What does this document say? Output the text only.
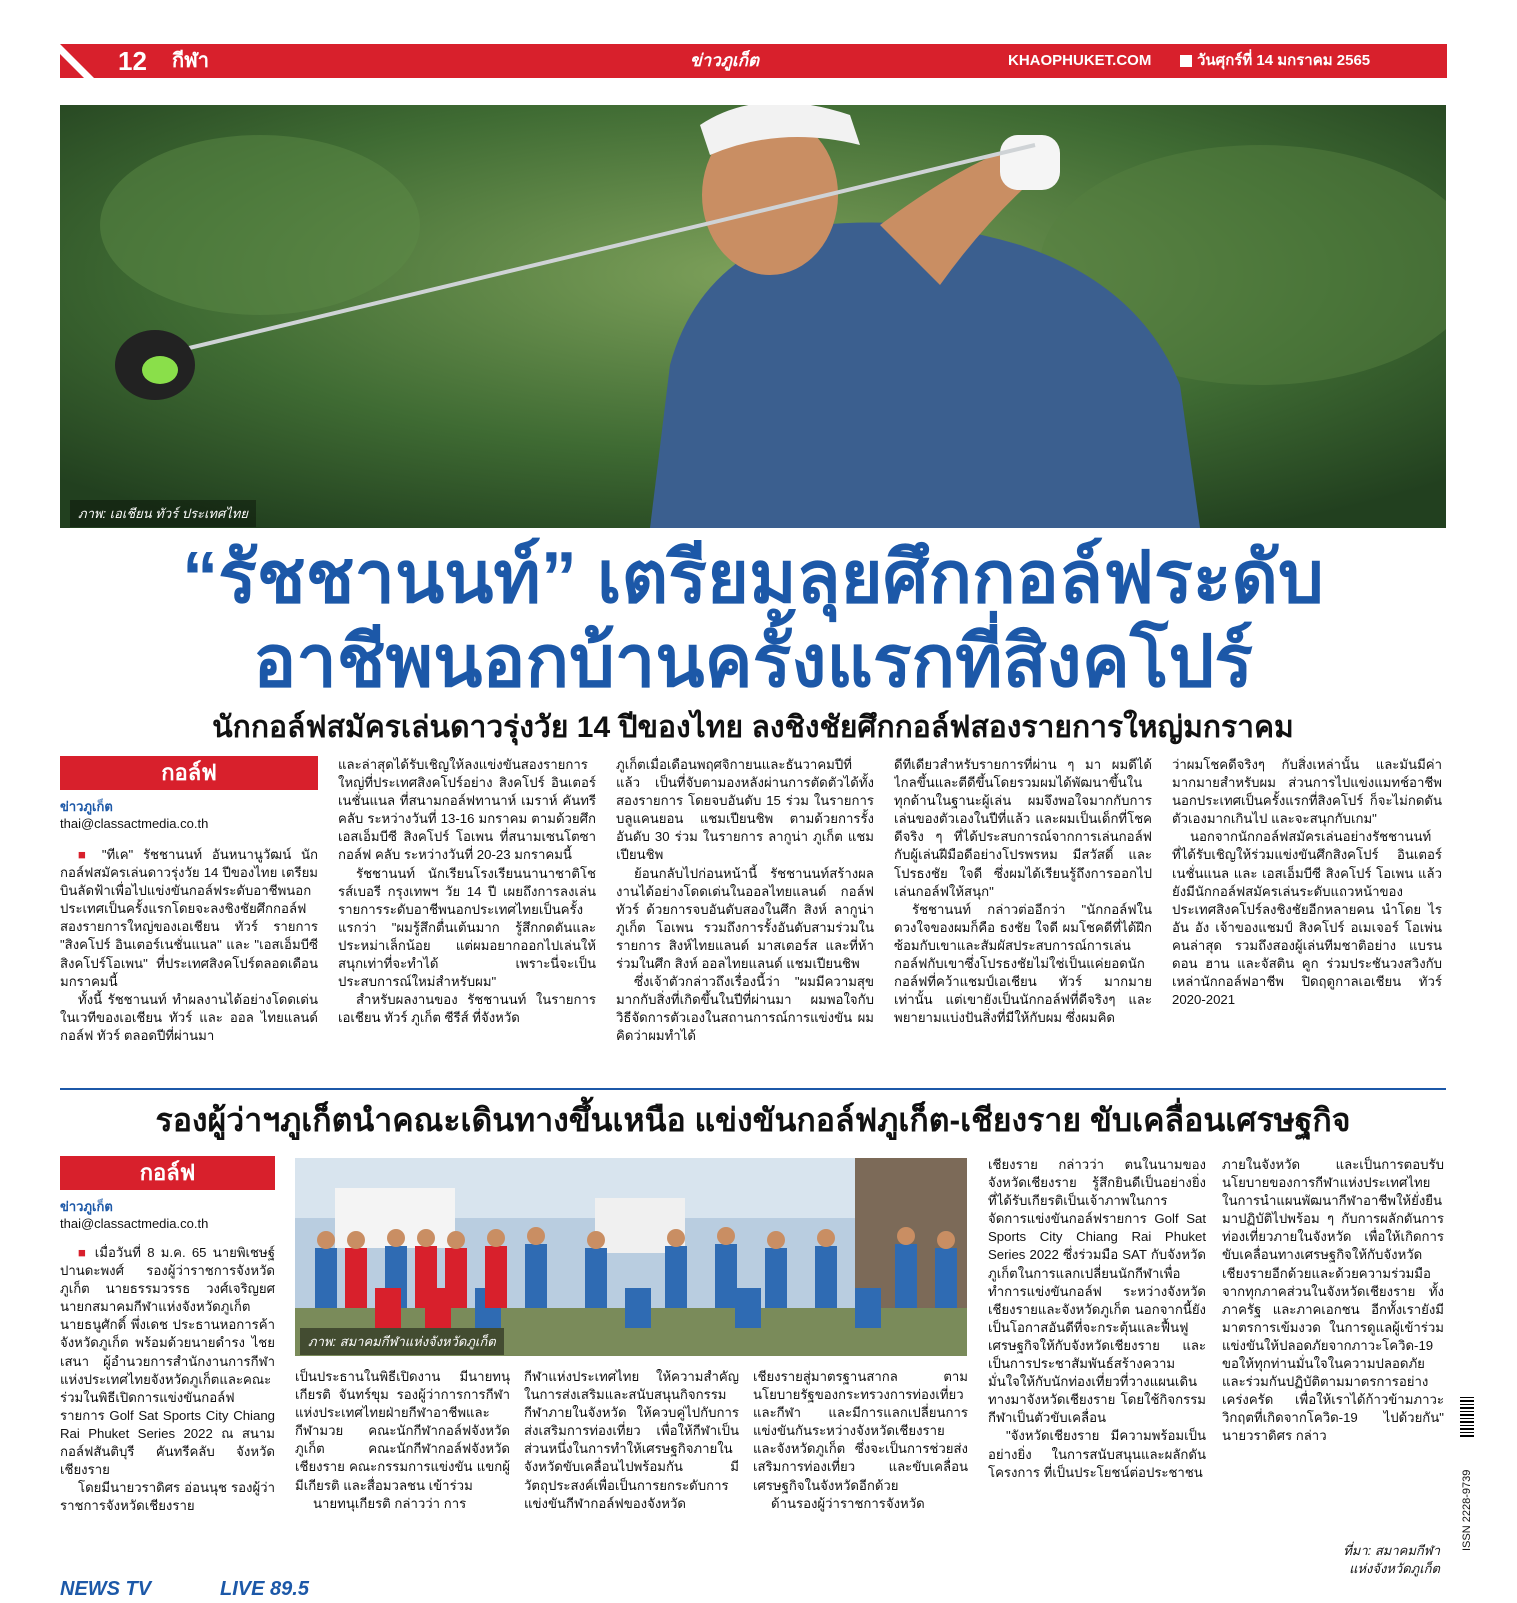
12 กีฬา	ข่าวภูเก็ต	KHAOPHUKET.COM	วันศุกร์ที่ 14 มกราคม 2565
ภาพ: เอเชียน ทัวร์ ประเทศไทย
“รัชชานนท์” เตรียมลุยศึกกอล์ฟระดับ
อาชีพนอกบ้านครั้งแรกที่สิงคโปร์
นักกอล์ฟสมัครเล่นดาวรุ่งวัย 14 ปีของไทย ลงชิงชัยศึกกอล์ฟสองรายการใหญ่มกราคม
กอล์ฟ
ข่าวภูเก็ต
thai@classactmedia.co.th

■ "ทีเค" รัชชานนท์ อันหนานูวัฒน์ นักกอล์ฟสมัครเล่นดาวรุ่งวัย 14 ปีของไทย เตรียมบินลัดฟ้าเพื่อไปแข่งขันกอล์ฟระดับอาชีพนอกประเทศเป็นครั้งแรกโดยจะลงชิงชัยศึกกอล์ฟสองรายการใหญ่ของเอเชียน ทัวร์ รายการ "สิงคโปร์ อินเตอร์เนชั่นแนล" และ "เอสเอ็มบีซี สิงคโปร์โอเพน" ที่ประเทศสิงคโปร์ตลอดเดือนมกราคมนี้

ทั้งนี้ รัชชานนท์ ทำผลงานได้อย่างโดดเด่นในเวทีของเอเชียน ทัวร์ และ ออล ไทยแลนด์ กอล์ฟ ทัวร์ ตลอดปีที่ผ่านมา

และล่าสุดได้รับเชิญให้ลงแข่งขันสองรายการใหญ่ที่ประเทศสิงคโปร์อย่าง สิงคโปร์ อินเตอร์เนชั่นแนล ที่สนามกอล์ฟทานาห์ เมราห์ คันทรี คลับ ระหว่างวันที่ 13-16 มกราคม ตามด้วยศึก เอสเอ็มบีซี สิงคโปร์ โอเพน ที่สนามเซนโตซา กอล์ฟ คลับ ระหว่างวันที่ 20-23 มกราคมนี้

รัชชานนท์ นักเรียนโรงเรียนนานาชาติโชรส์เบอรี กรุงเทพฯ วัย 14 ปี เผยถึงการลงเล่นรายการระดับอาชีพนอกประเทศไทยเป็นครั้งแรกว่า "ผมรู้สึกตื่นเต้นมาก รู้สึกกดดันและประหม่าเล็กน้อย แต่ผมอยากออกไปเล่นให้สนุกเท่าที่จะทำได้ เพราะนี่จะเป็นประสบการณ์ใหม่สำหรับผม"

สำหรับผลงานของ รัชชานนท์ ในรายการ เอเชียน ทัวร์ ภูเก็ต ซีรีส์ ที่จังหวัด

ภูเก็ตเมื่อเดือนพฤศจิกายนและธันวาคมปีที่แล้ว เป็นที่จับตามองหลังผ่านการตัดตัวได้ทั้งสองรายการ โดยจบอันดับ 15 ร่วม ในรายการ บลูแคนยอน แชมเปียนชิพ ตามด้วยการรั้งอันดับ 30 ร่วม ในรายการ ลากูน่า ภูเก็ต แชมเปียนชิพ

ย้อนกลับไปก่อนหน้านี้ รัชชานนท์สร้างผลงานได้อย่างโดดเด่นในออลไทยแลนด์ กอล์ฟ ทัวร์ ด้วยการจบอันดับสองในศึก สิงห์ ลากูน่า ภูเก็ต โอเพน รวมถึงการรั้งอันดับสามร่วมในรายการ สิงห์ไทยแลนด์ มาสเตอร์ส และที่ห้าร่วมในศึก สิงห์ ออลไทยแลนด์ แชมเปียนชิพ

ซึ่งเจ้าตัวกล่าวถึงเรื่องนี้ว่า "ผมมีความสุขมากกับสิ่งที่เกิดขึ้นในปีที่ผ่านมา ผมพอใจกับวิธีจัดการตัวเองในสถานการณ์การแข่งขัน ผมคิดว่าผมทำได้

ดีทีเดียวสำหรับรายการที่ผ่าน ๆ มา ผมดีได้ไกลขึ้นและตีดีขึ้นโดยรวมผมได้พัฒนาขึ้นในทุกด้านในฐานะผู้เล่น ผมจึงพอใจมากกับการเล่นของตัวเองในปีที่แล้ว และผมเป็นเด็กที่โชคดีจริง ๆ ที่ได้ประสบการณ์จากการเล่นกอล์ฟกับผู้เล่นฝีมือดีอย่างโปรพรหม มีสวัสดิ์ และโปรธงชัย ใจดี ซึ่งผมได้เรียนรู้ถึงการออกไปเล่นกอล์ฟให้สนุก"

รัชชานนท์ กล่าวต่ออีกว่า "นักกอล์ฟในดวงใจของผมก็คือ ธงชัย ใจดี ผมโชคดีที่ได้ฝึกซ้อมกับเขาและสัมผัสประสบการณ์การเล่นกอล์ฟกับเขาซึ่งโปรธงชัยไม่ใช่เป็นแค่ยอดนักกอล์ฟที่คว้าแชมป์เอเชียน ทัวร์ มากมายเท่านั้น แต่เขายังเป็นนักกอล์ฟที่ดีจริงๆ และพยายามแบ่งปันสิ่งที่มีให้กับผม ซึ่งผมคิด

ว่าผมโชคดีจริงๆ กับสิ่งเหล่านั้น และมันมีค่ามากมายสำหรับผม ส่วนการไปแข่งแมทช์อาชีพนอกประเทศเป็นครั้งแรกที่สิงคโปร์ ก็จะไม่กดดันตัวเองมากเกินไป และจะสนุกกับเกม"

นอกจากนักกอล์ฟสมัครเล่นอย่างรัชชานนท์ ที่ได้รับเชิญให้ร่วมแข่งขันศึกสิงคโปร์ อินเตอร์เนชั่นแนล และ เอสเอ็มบีซี สิงคโปร์ โอเพน แล้ว ยังมีนักกอล์ฟสมัครเล่นระดับแถวหน้าของประเทศสิงคโปร์ลงชิงชัยอีกหลายคน นำโดย ไรอัน อัง เจ้าของแชมป์ สิงคโปร์ อเมเจอร์ โอเพ่น คนล่าสุด รวมถึงสองผู้เล่นทีมชาติอย่าง แบรนดอน ฮาน และจัสติน คูก ร่วมประชันวงสวิงกับเหล่านักกอล์ฟอาชีพ ปิดฤดูกาลเอเชียน ทัวร์ 2020-2021

รองผู้ว่าฯภูเก็ตนำคณะเดินทางขึ้นเหนือ แข่งขันกอล์ฟภูเก็ต-เชียงราย ขับเคลื่อนเศรษฐกิจ
กอล์ฟ
ข่าวภูเก็ต
thai@classactmedia.co.th

■ เมื่อวันที่ 8 ม.ค. 65 นายพิเชษฐ์ ปานดะพงศ์ รองผู้ว่าราชการจังหวัดภูเก็ต นายธรรมวรรธ วงศ์เจริญยศ นายกสมาคมกีฬาแห่งจังหวัดภูเก็ต นายธนูศักดิ์ พึ่งเดช ประธานหอการค้าจังหวัดภูเก็ต พร้อมด้วยนายดำรง ไชยเสนา ผู้อำนวยการสำนักงานการกีฬาแห่งประเทศไทยจังหวัดภูเก็ตและคณะร่วมในพิธีเปิดการแข่งขันกอล์ฟรายการ Golf Sat Sports City Chiang Rai Phuket Series 2022 ณ สนามกอล์ฟสันติบุรี คันทรีคลับ จังหวัดเชียงราย

โดยมีนายวราดิศร อ่อนนุช รองผู้ว่าราชการจังหวัดเชียงราย

ภาพ: สมาคมกีฬาแห่งจังหวัดภูเก็ต

เป็นประธานในพิธีเปิดงาน มีนายทนุเกียรติ จันทร์ขุม รองผู้ว่าการการกีฬาแห่งประเทศไทยฝ่ายกีฬาอาชีพและกีฬามวย คณะนักกีฬากอล์ฟจังหวัดภูเก็ต คณะนักกีฬากอล์ฟจังหวัดเชียงราย คณะกรรมการแข่งขัน แขกผู้มีเกียรติ และสื่อมวลชน เข้าร่วม

นายทนุเกียรติ กล่าวว่า การ

กีฬาแห่งประเทศไทย ให้ความสำคัญในการส่งเสริมและสนับสนุนกิจกรรมกีฬาภายในจังหวัด ให้ควบคู่ไปกับการส่งเสริมการท่องเที่ยว เพื่อให้กีฬาเป็นส่วนหนึ่งในการทำให้เศรษฐกิจภายในจังหวัดขับเคลื่อนไปพร้อมกัน มีวัตถุประสงค์เพื่อเป็นการยกระดับการแข่งขันกีฬากอล์ฟของจังหวัด

เชียงรายสู่มาตรฐานสากล ตามนโยบายรัฐของกระทรวงการท่องเที่ยวและกีฬา และมีการแลกเปลี่ยนการแข่งขันกันระหว่างจังหวัดเชียงรายและจังหวัดภูเก็ต ซึ่งจะเป็นการช่วยส่งเสริมการท่องเที่ยว และขับเคลื่อนเศรษฐกิจในจังหวัดอีกด้วย

ด้านรองผู้ว่าราชการจังหวัด

เชียงราย กล่าวว่า ตนในนามของจังหวัดเชียงราย รู้สึกยินดีเป็นอย่างยิ่ง ที่ได้รับเกียรติเป็นเจ้าภาพในการจัดการแข่งขันกอล์ฟรายการ Golf Sat Sports City Chiang Rai Phuket Series 2022 ซึ่งร่วมมือ SAT กับจังหวัดภูเก็ตในการแลกเปลี่ยนนักกีฬาเพื่อทำการแข่งขันกอล์ฟ ระหว่างจังหวัดเชียงรายและจังหวัดภูเก็ต นอกจากนี้ยังเป็นโอกาสอันดีที่จะกระตุ้นและฟื้นฟูเศรษฐกิจให้กับจังหวัดเชียงราย และเป็นการประชาสัมพันธ์สร้างความมั่นใจให้กับนักท่องเที่ยวที่วางแผนเดินทางมาจังหวัดเชียงราย โดยใช้กิจกรรมกีฬาเป็นตัวขับเคลื่อน

"จังหวัดเชียงราย มีความพร้อมเป็นอย่างยิ่ง ในการสนับสนุนและผลักดันโครงการ ที่เป็นประโยชน์ต่อประชาชน

ภายในจังหวัด และเป็นการตอบรับนโยบายของการกีฬาแห่งประเทศไทยในการนำแผนพัฒนากีฬาอาชีพให้ยั่งยืน มาปฏิบัติไปพร้อม ๆ กับการผลักดันการท่องเที่ยวภายในจังหวัด เพื่อให้เกิดการขับเคลื่อนทางเศรษฐกิจให้กับจังหวัดเชียงรายอีกด้วยและด้วยความร่วมมือจากทุกภาคส่วนในจังหวัดเชียงราย ทั้งภาครัฐ และภาคเอกชน อีกทั้งเรายังมีมาตรการเข้มงวด ในการดูแลผู้เข้าร่วมแข่งขันให้ปลอดภัยจากภาวะโควิด-19 ขอให้ทุกท่านมั่นใจในความปลอดภัย และร่วมกันปฏิบัติตามมาตรการอย่างเคร่งครัด เพื่อให้เราได้ก้าวข้ามภาวะวิกฤตที่เกิดจากโควิด-19 ไปด้วยกัน" นายวราดิศร กล่าว

ที่มา: สมาคมกีฬา
แห่งจังหวัดภูเก็ต
ISSN 2228-9739
NEWS TV	LIVE 89.5
